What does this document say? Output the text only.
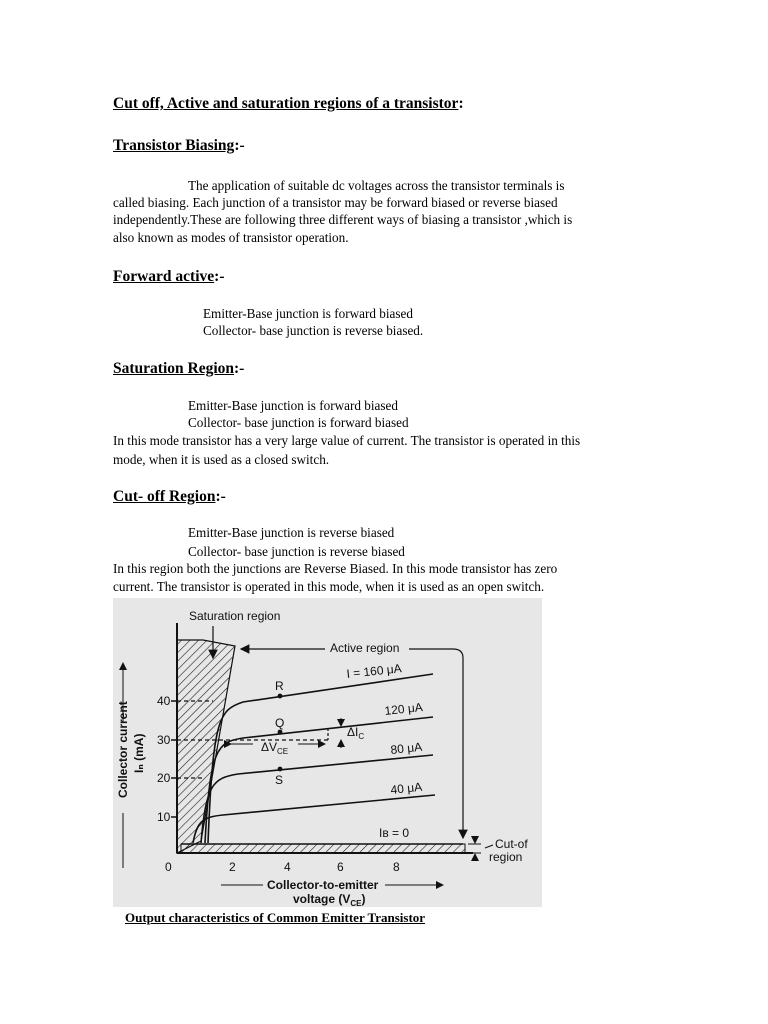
Cut off, Active and saturation regions of a transistor:
Transistor Biasing:-
The application of suitable dc voltages across the transistor terminals is
called biasing. Each junction of a transistor may be forward biased or reverse biased
independently.These are following three different ways of biasing a transistor ,which is
also known as modes of transistor operation.
Forward active:-
Emitter-Base junction is forward biased
Collector- base junction is reverse biased.
Saturation Region:-
Emitter-Base junction is forward biased
Collector- base junction is forward biased
In this mode transistor has a very large value of current. The transistor is operated in this
mode, when it is used as a closed switch.
Cut- off Region:-
Emitter-Base junction is reverse biased
Collector- base junction is reverse biased
In this region both the junctions are Reverse Biased. In this mode transistor has zero
current. The transistor is operated in this mode, when it is used as an open switch.
40
30
20
10
0	2	4	6	8
Collector current Iₙ (mA)
R
Q
S
$\Delta V_{CE}$
$\Delta I_C$
I = 160 μA
120 μA
80 μA
40 μA
Iʙ = 0
Saturation region
Active region
Cut-of
region
Collector-to-emitter
voltage $(V_{CE})$
Output characteristics of Common Emitter Transistor
